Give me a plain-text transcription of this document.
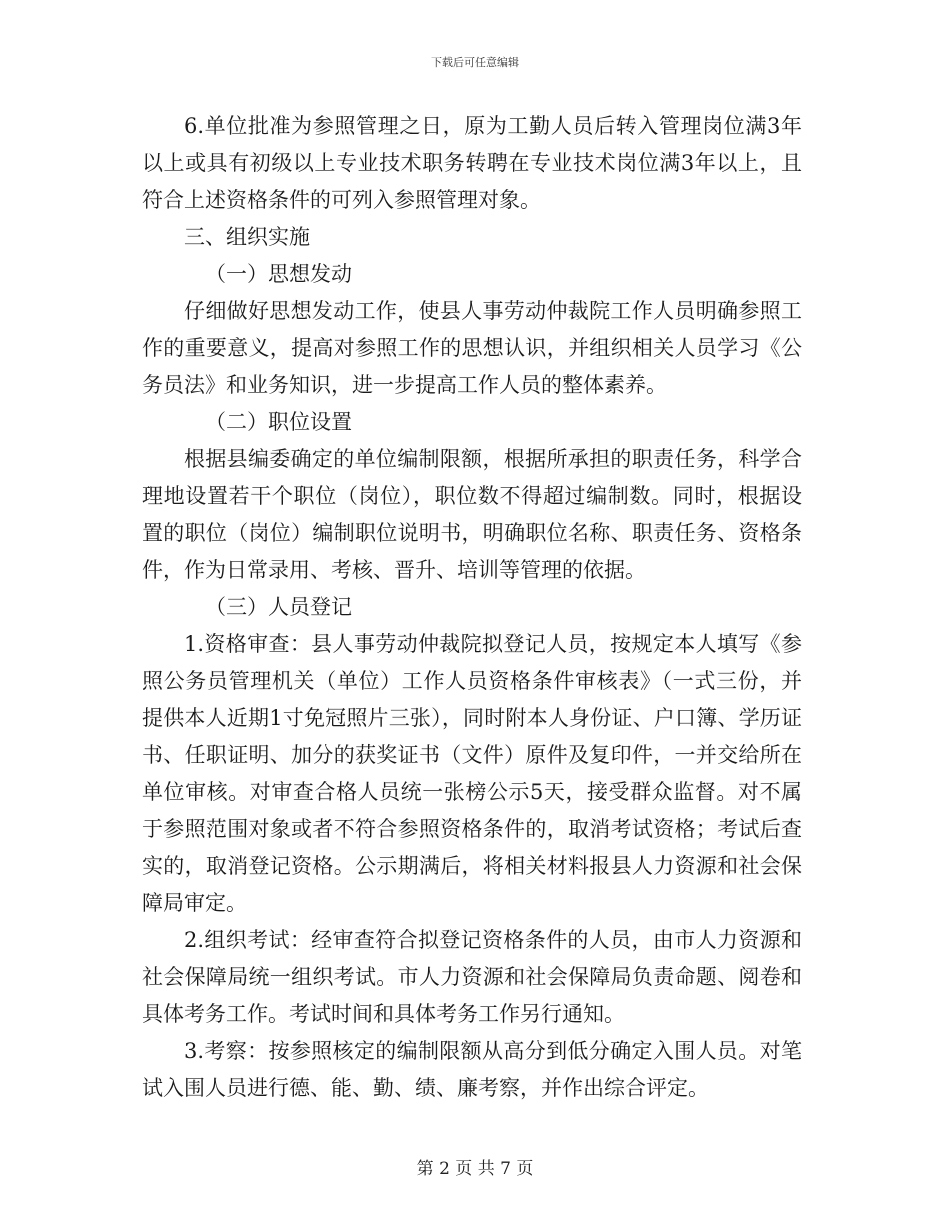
下载后可任意编辑

6.单位批准为参照管理之日，原为工勤人员后转入管理岗位满3年以上或具有初级以上专业技术职务转聘在专业技术岗位满3年以上，且符合上述资格条件的可列入参照管理对象。

三、组织实施

（一）思想发动

仔细做好思想发动工作，使县人事劳动仲裁院工作人员明确参照工作的重要意义，提高对参照工作的思想认识，并组织相关人员学习《公务员法》和业务知识，进一步提高工作人员的整体素养。

（二）职位设置

根据县编委确定的单位编制限额，根据所承担的职责任务，科学合理地设置若干个职位（岗位），职位数不得超过编制数。同时，根据设置的职位（岗位）编制职位说明书，明确职位名称、职责任务、资格条件，作为日常录用、考核、晋升、培训等管理的依据。

（三）人员登记

1.资格审查：县人事劳动仲裁院拟登记人员，按规定本人填写《参照公务员管理机关（单位）工作人员资格条件审核表》（一式三份，并提供本人近期1寸免冠照片三张），同时附本人身份证、户口簿、学历证书、任职证明、加分的获奖证书（文件）原件及复印件，一并交给所在单位审核。对审查合格人员统一张榜公示5天，接受群众监督。对不属于参照范围对象或者不符合参照资格条件的，取消考试资格；考试后查实的，取消登记资格。公示期满后，将相关材料报县人力资源和社会保障局审定。

2.组织考试：经审查符合拟登记资格条件的人员，由市人力资源和社会保障局统一组织考试。市人力资源和社会保障局负责命题、阅卷和具体考务工作。考试时间和具体考务工作另行通知。

3.考察：按参照核定的编制限额从高分到低分确定入围人员。对笔试入围人员进行德、能、勤、绩、廉考察，并作出综合评定。

第 2 页 共 7 页
